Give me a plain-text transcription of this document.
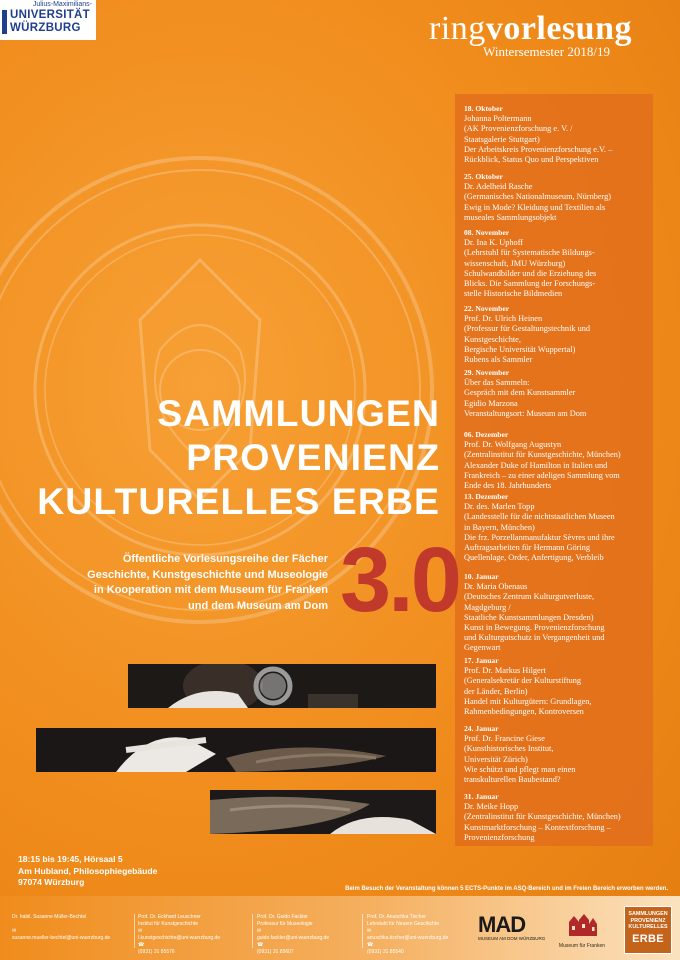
Julius-Maximilians-
UNIVERSITÄT
WÜRZBURG	ringvorlesung
Wintersemester 2018/19
18. Oktober
Johanna Poltermann
(AK Provenienzforschung e. V. /
Staatsgalerie Stuttgart)
Der Arbeitskreis Provenienzforschung e.V. –
Rückblick, Status Quo und Perspektiven
25. Oktober
Dr. Adelheid Rasche
(Germanisches Nationalmuseum, Nürnberg)
Ewig in Mode? Kleidung und Textilien als
museales Sammlungsobjekt
08. November
Dr. Ina K. Uphoff
(Lehrstuhl für Systematische Bildungs-
wissenschaft, JMU Würzburg)
Schulwandbilder und die Erziehung des
Blicks. Die Sammlung der Forschungs-
stelle Historische Bildmedien
22. November
Prof. Dr. Ulrich Heinen
(Professur für Gestaltungstechnik und
Kunstgeschichte,
Bergische Universität Wuppertal)
Rubens als Sammler
29. November
Über das Sammeln:
Gespräch mit dem Kunstsammler
Egidio Marzona
Veranstaltungsort: Museum am Dom
06. Dezember
Prof. Dr. Wolfgang Augustyn
(Zentralinstitut für Kunstgeschichte, München)
Alexander Duke of Hamilton in Italien und
Frankreich – zu einer adeligen Sammlung vom
Ende des 18. Jahrhunderts
13. Dezember
Dr. des. Marlen Topp
(Landesstelle für die nichtstaatlichen Museen
in Bayern, München)
Die frz. Porzellanmanufaktur Sèvres und ihre
Auftragsarbeiten für Hermann Göring
Quellenlage, Order, Anfertigung, Verbleib
10. Januar
Dr. Maria Obenaus
(Deutsches Zentrum Kulturgutverluste,
Magdgeburg /
Staatliche Kunstsammlungen Dresden)
Kunst in Bewegung. Provenienzforschung
und Kulturgutschutz in Vergangenheit und
Gegenwart
17. Januar
Prof. Dr. Markus Hilgert
(Generalsekretär der Kulturstiftung
der Länder, Berlin)
Handel mit Kulturgütern: Grundlagen,
Rahmenbedingungen, Kontroversen
24. Januar
Prof. Dr. Francine Giese
(Kunsthistorisches Institut,
Universität Zürich)
Wie schützt und pflegt man einen
transkulturellen Baubestand?
31. Januar
Dr. Meike Hopp
(Zentralinstitut für Kunstgeschichte, München)
Kunstmarktforschung – Kontextforschung –
Provenienzforschung
SAMMLUNGEN
PROVENIENZ
KULTURELLES ERBE
Öffentliche Vorlesungsreihe der Fächer
Geschichte, Kunstgeschichte und Museologie
in Kooperation mit dem Museum für Franken
und dem Museum am Dom 3.0
18:15 bis 19:45, Hörsaal 5
Am Hubland, Philosophiegebäude
97074 Würzburg
Beim Besuch der Veranstaltung können 5 ECTS-Punkte im ASQ-Bereich und im Freien Bereich erworben werden.
Dr. habil. Susanne Müller-Bechtel

✉
susanne.mueller-bechtel@uni-wuerzburg.de
Prof. Dr. Eckhard Leuschner
Institut für Kunstgeschichte
✉
l.kunstgeschichte@uni-wuerzburg.de
☎
(0931) 31 85576
Prof. Dr. Guido Fackler
Professur für Museologie
✉
guido.fackler@uni-wuerzburg.de
☎
(0931) 31 85607
Prof. Dr. Anuschka Tischer
Lehrstuhl für Neuere Geschichte
✉
anuschka.tischer@uni-wuerzburg.de
☎
(0931) 31 85540
MAD
MUSEUM AM DOM WÜRZBURG
Museum für Franken
SAMMLUNGEN
PROVENIENZ
KULTURELLES
ERBE
